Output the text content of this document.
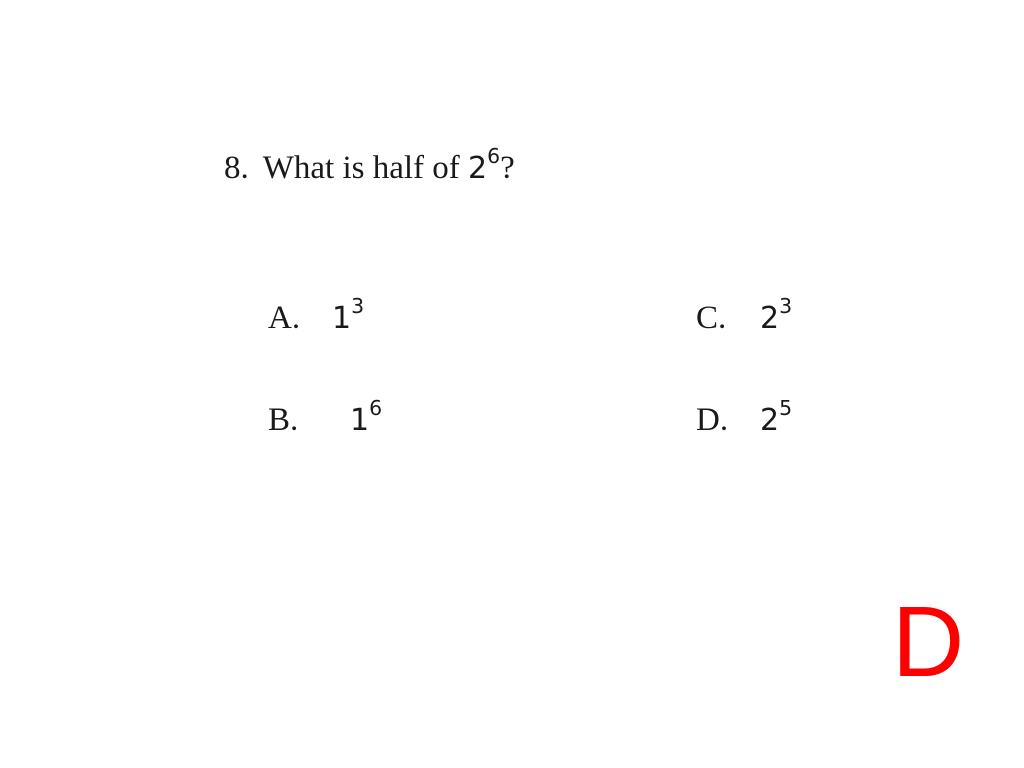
8. What is half of $2^6$?
A. $1^3$
B. $1^6$
C. $2^3$
D. $2^5$
D
